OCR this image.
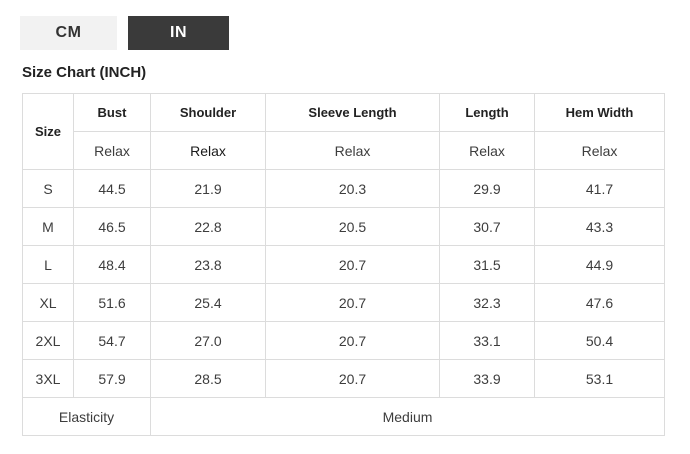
CM	IN
Size Chart (INCH)
Size	Bust	Shoulder	Sleeve Length	Length	Hem Width
	Relax	Relax	Relax	Relax	Relax
S	44.5	21.9	20.3	29.9	41.7
M	46.5	22.8	20.5	30.7	43.3
L	48.4	23.8	20.7	31.5	44.9
XL	51.6	25.4	20.7	32.3	47.6
2XL	54.7	27.0	20.7	33.1	50.4
3XL	57.9	28.5	20.7	33.9	53.1
Elasticity		Medium			
